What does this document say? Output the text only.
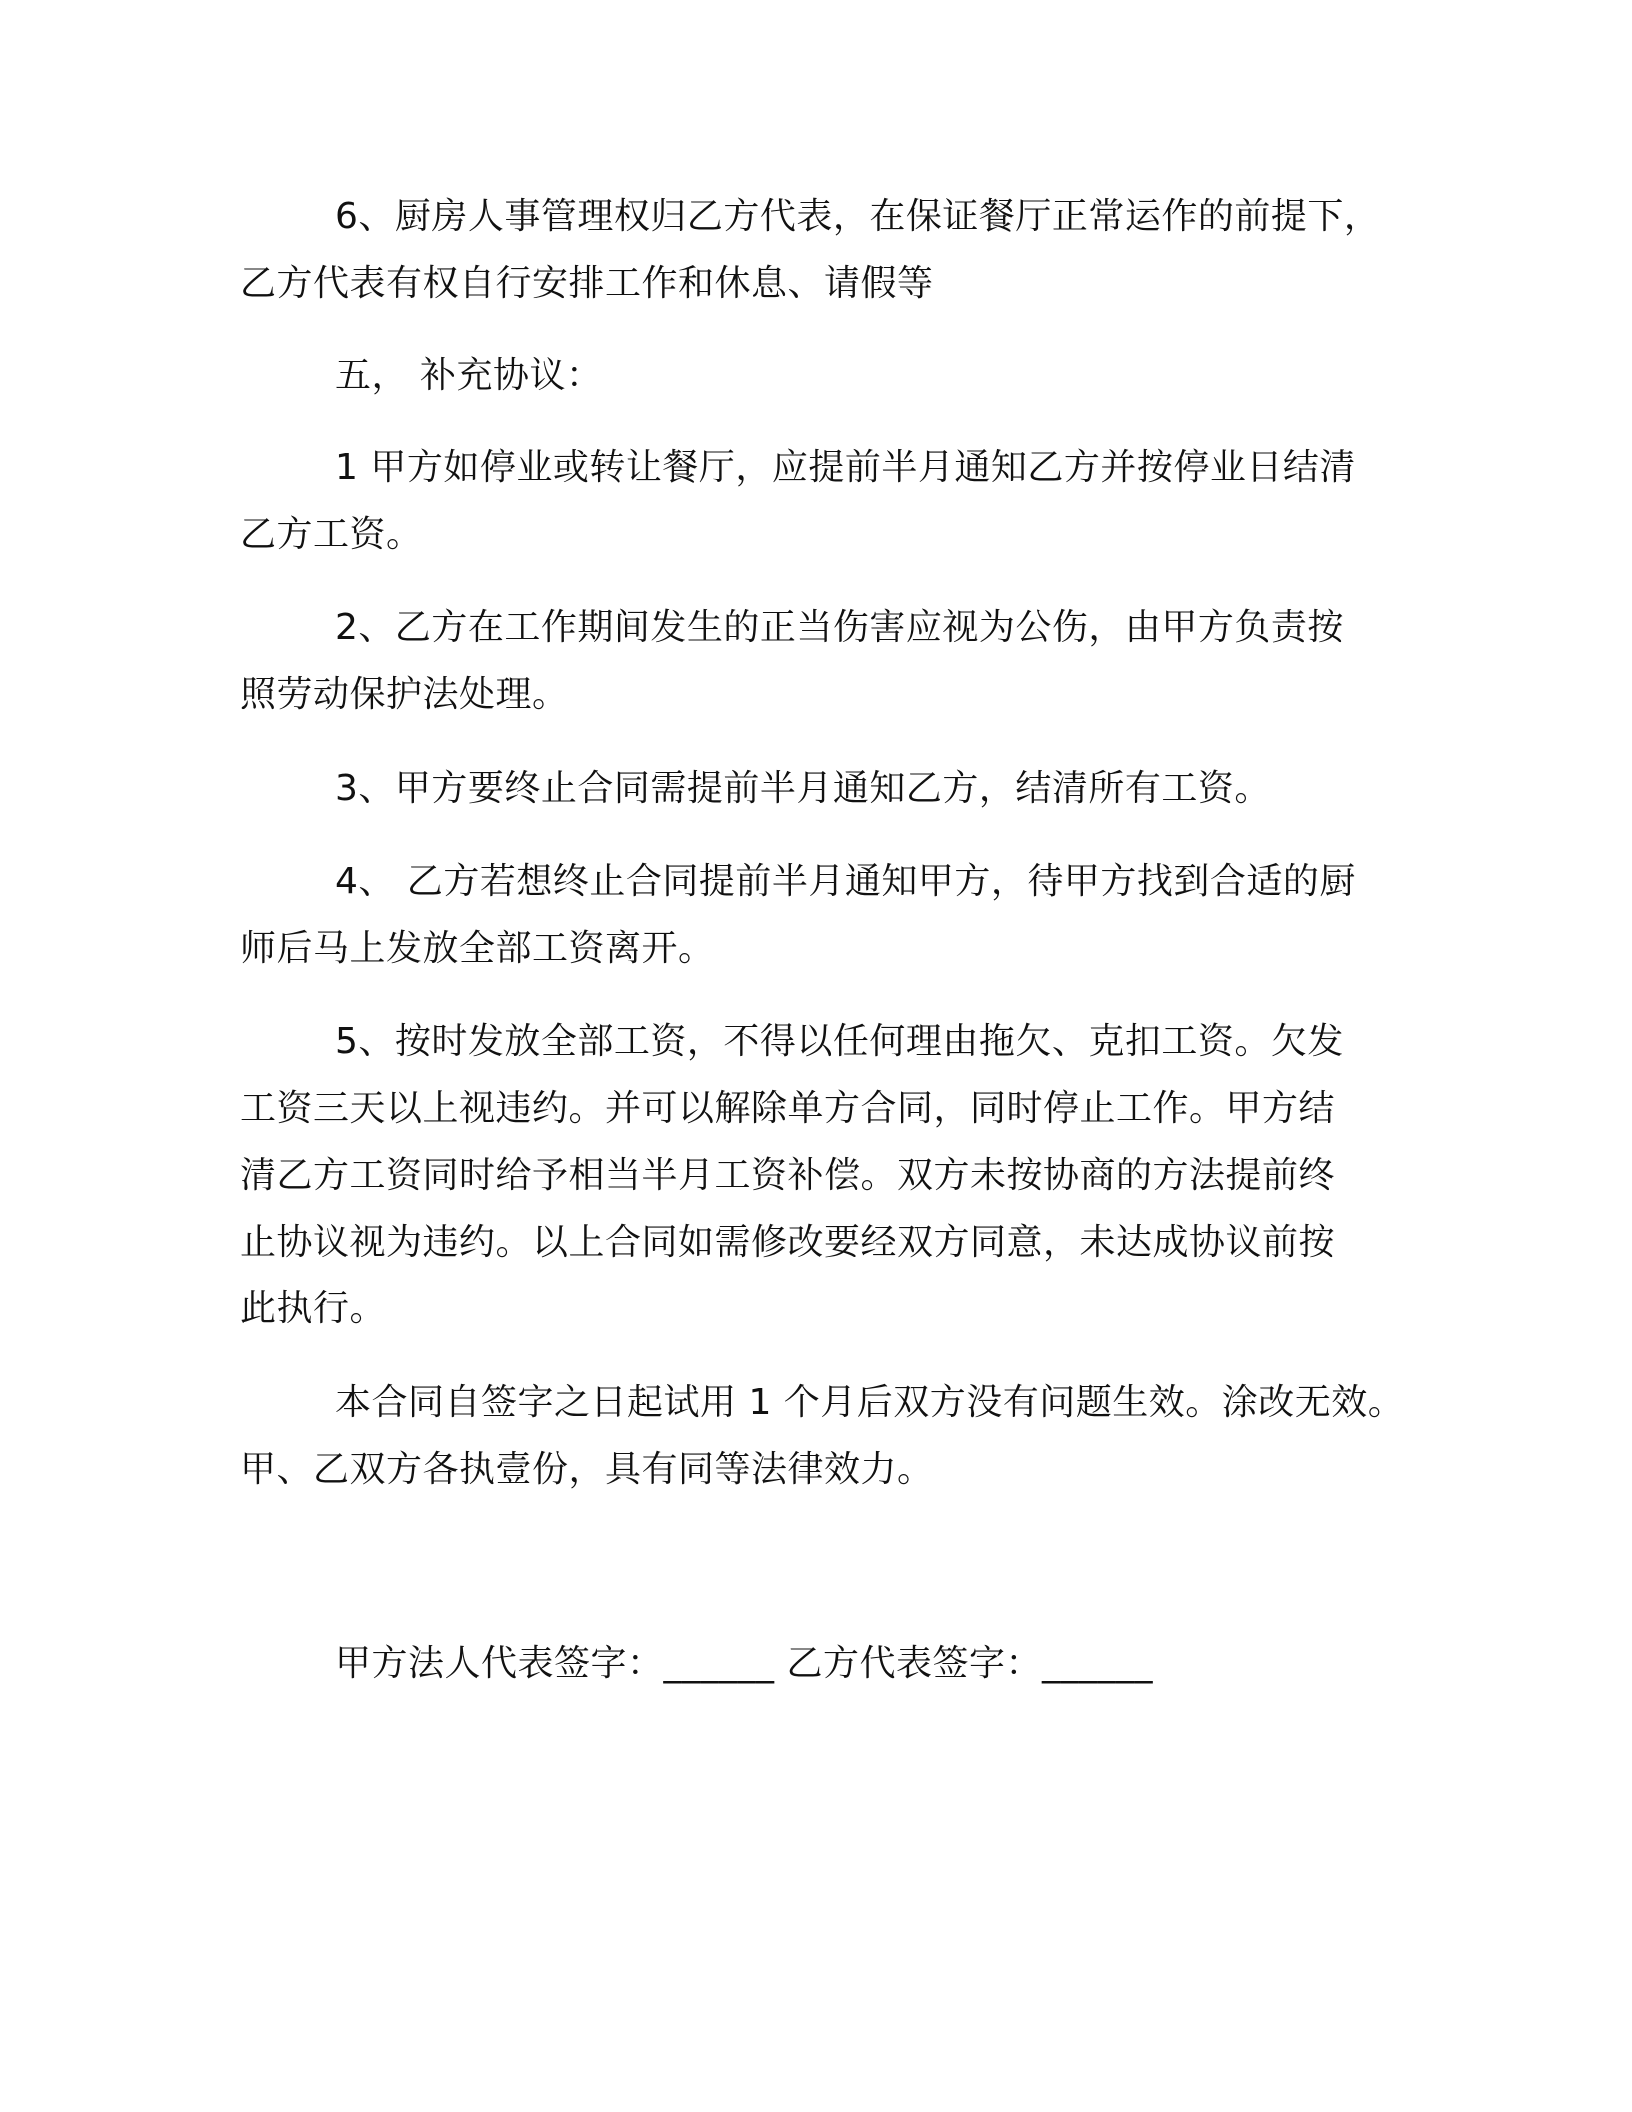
6、厨房人事管理权归乙方代表，在保证餐厅正常运作的前提下，
乙方代表有权自行安排工作和休息、请假等
五， 补充协议：
1 甲方如停业或转让餐厅，应提前半月通知乙方并按停业日结清
乙方工资。
2、乙方在工作期间发生的正当伤害应视为公伤，由甲方负责按
照劳动保护法处理。
3、甲方要终止合同需提前半月通知乙方，结清所有工资。
4、 乙方若想终止合同提前半月通知甲方，待甲方找到合适的厨
师后马上发放全部工资离开。
5、按时发放全部工资，不得以任何理由拖欠、克扣工资。欠发
工资三天以上视违约。并可以解除单方合同，同时停止工作。甲方结
清乙方工资同时给予相当半月工资补偿。双方未按协商的方法提前终
止协议视为违约。以上合同如需修改要经双方同意，未达成协议前按
此执行。
本合同自签字之日起试用 1 个月后双方没有问题生效。涂改无效。
甲、乙双方各执壹份，具有同等法律效力。
甲方法人代表签字：______ 乙方代表签字：______
